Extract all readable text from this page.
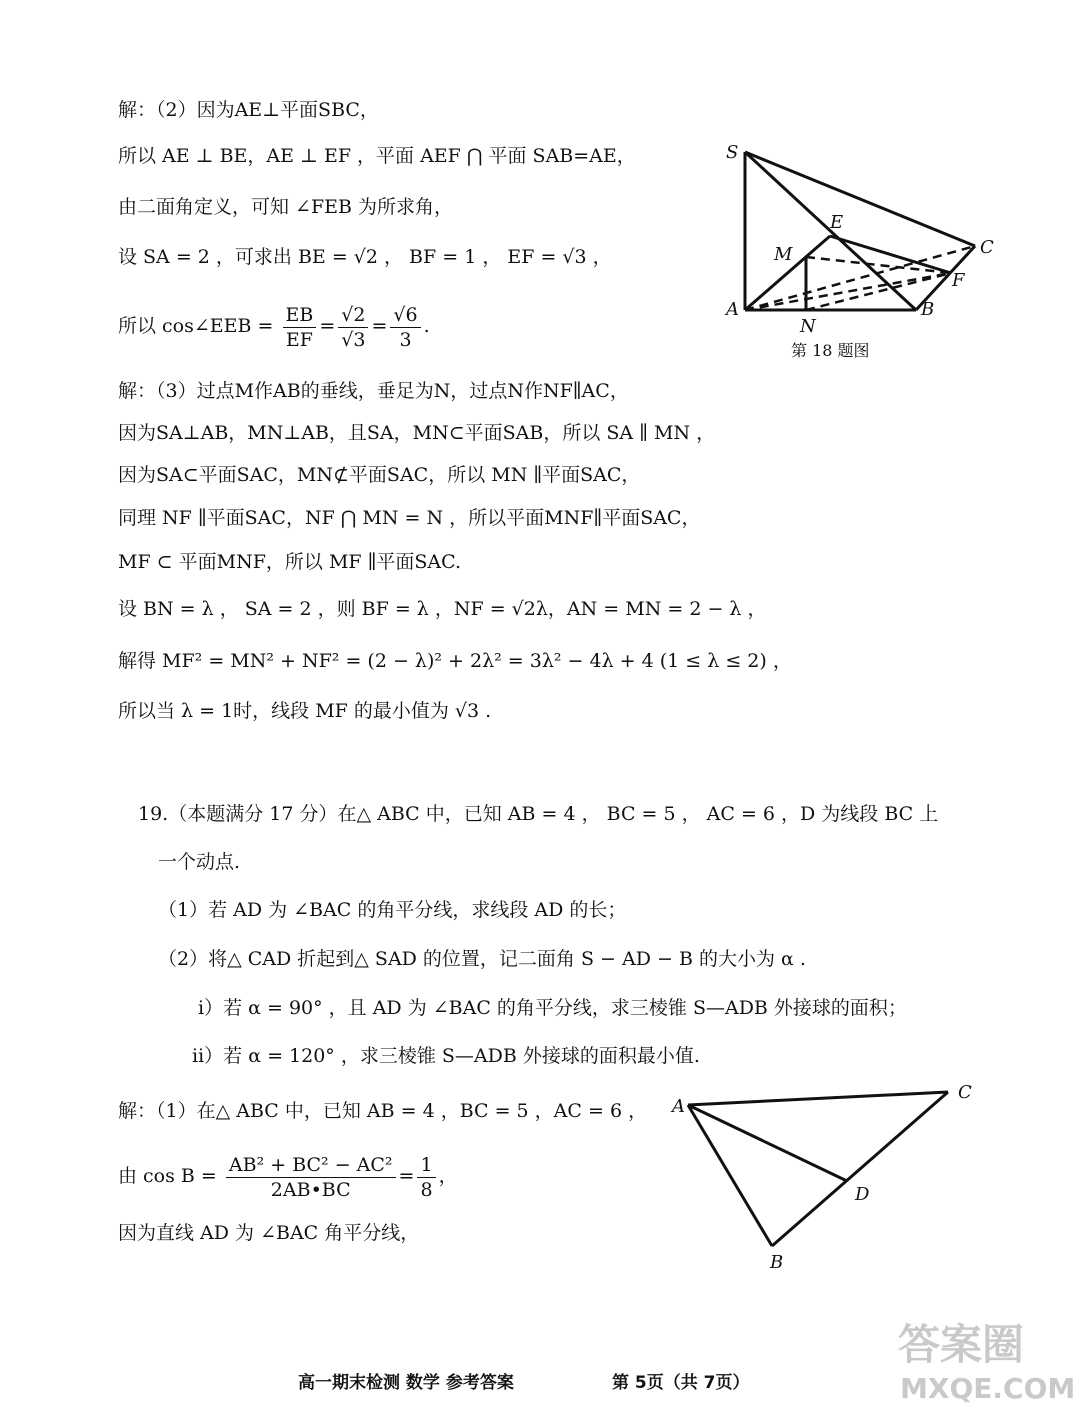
解：（2）因为AE⊥平面SBC，
所以 AE ⊥ BE，AE ⊥ EF ，平面 AEF ⋂ 平面 SAB=AE，
由二面角定义，可知 ∠FEB 为所求角，
设 SA = 2 ，可求出 BE = √2 ， BF = 1 ， EF = √3 ，
所以 cos∠EEB = $\frac{EB}{EF} = \frac{√2}{√3} = \frac{√6}{3}$ .
S
E
C
M
F
A
N
B
第 18 题图
解：（3）过点M作AB的垂线，垂足为N，过点N作NF∥AC，
因为SA⊥AB，MN⊥AB，且SA，MN⊂平面SAB，所以 SA ∥ MN ，
因为SA⊂平面SAC，MN⊄平面SAC，所以 MN ∥平面SAC，
同理 NF ∥平面SAC，NF ⋂ MN = N ，所以平面MNF∥平面SAC，
MF ⊂ 平面MNF，所以 MF ∥平面SAC.
设 BN = λ ， SA = 2 ，则 BF = λ ，NF = √2λ，AN = MN = 2 − λ ，
解得 MF² = MN² + NF² = (2 − λ)² + 2λ² = 3λ² − 4λ + 4 (1 ≤ λ ≤ 2) ，
所以当 λ = 1时，线段 MF 的最小值为 √3 .
19.（本题满分 17 分）在△ ABC 中，已知 AB = 4 ， BC = 5 ， AC = 6 ，D 为线段 BC 上
一个动点.
（1）若 AD 为 ∠BAC 的角平分线，求线段 AD 的长；
（2）将△ CAD 折起到△ SAD 的位置，记二面角 S − AD − B 的大小为 α .
ⅰ）若 α = 90° ，且 AD 为 ∠BAC 的角平分线，求三棱锥 S—ADB 外接球的面积；
ⅱ）若 α = 120° ，求三棱锥 S—ADB 外接球的面积最小值.
解：（1）在△ ABC 中，已知 AB = 4 ，BC = 5 ，AC = 6 ，
由 $\cos B = \frac{\text{AB² + BC² − AC²}}{2AB•BC} = \frac{1}{8}$ ，
因为直线 AD 为 ∠BAC 角平分线，
A
C
D
B
高一期末检测 数学 参考答案	第 5页（共 7页）
答案圈
MXQE.COM
